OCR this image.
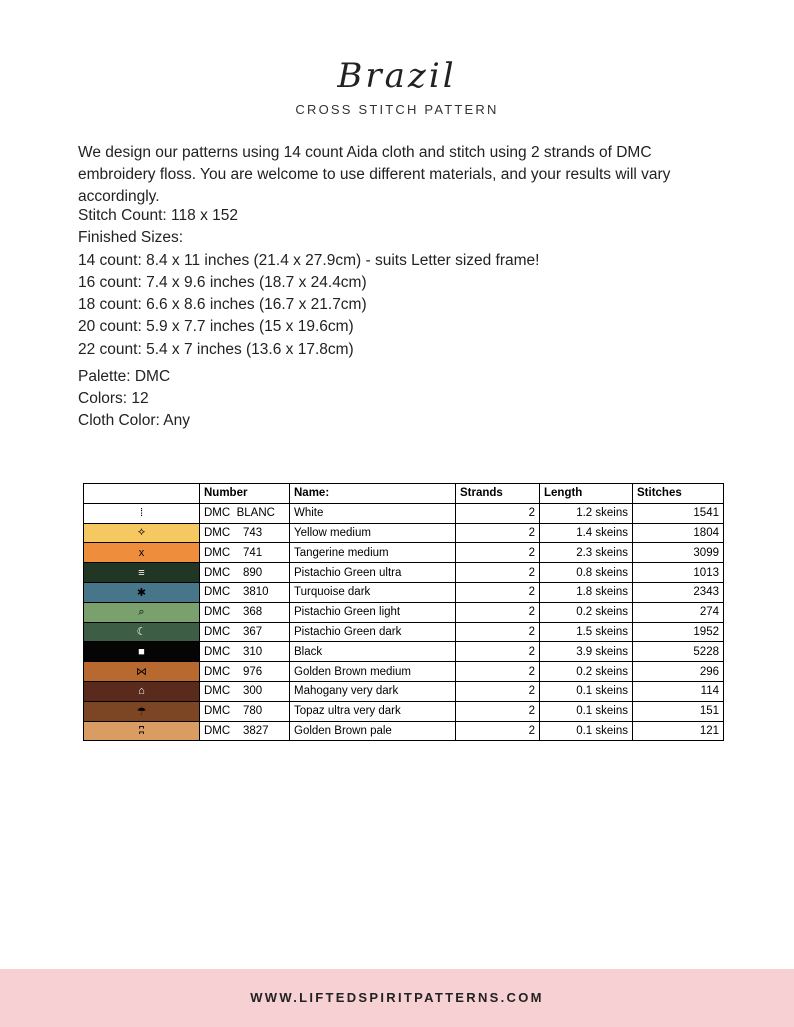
Brazil
CROSS STITCH PATTERN
We design our patterns using 14 count Aida cloth and stitch using 2 strands of DMC embroidery floss. You are welcome to use different materials, and your results will vary accordingly.
Stitch Count: 118 x 152
Finished Sizes:
14 count: 8.4 x 11 inches (21.4 x 27.9cm) - suits Letter sized frame!
16 count: 7.4 x 9.6 inches (18.7 x 24.4cm)
18 count: 6.6 x 8.6 inches (16.7 x 21.7cm)
20 count: 5.9 x 7.7 inches (15 x 19.6cm)
22 count: 5.4 x 7 inches (13.6 x 17.8cm)
Palette: DMC
Colors: 12
Cloth Color: Any
	Number	Name:	Strands	Length	Stitches
⁞	DMC  BLANC	White	2	1.2 skeins	1541
⟡	DMC    743	Yellow medium	2	1.4 skeins	1804
x	DMC    741	Tangerine medium	2	2.3 skeins	3099
≡	DMC    890	Pistachio Green ultra	2	0.8 skeins	1013
✱	DMC    3810	Turquoise dark	2	1.8 skeins	2343
⌕	DMC    368	Pistachio Green light	2	0.2 skeins	274
☾	DMC    367	Pistachio Green dark	2	1.5 skeins	1952
■	DMC    310	Black	2	3.9 skeins	5228
⋈	DMC    976	Golden Brown medium	2	0.2 skeins	296
⌂	DMC    300	Mahogany very dark	2	0.1 skeins	114
☂	DMC    780	Topaz ultra very dark	2	0.1 skeins	151
ʭ	DMC    3827	Golden Brown pale	2	0.1 skeins	121
WWW.LIFTEDSPIRITPATTERNS.COM
